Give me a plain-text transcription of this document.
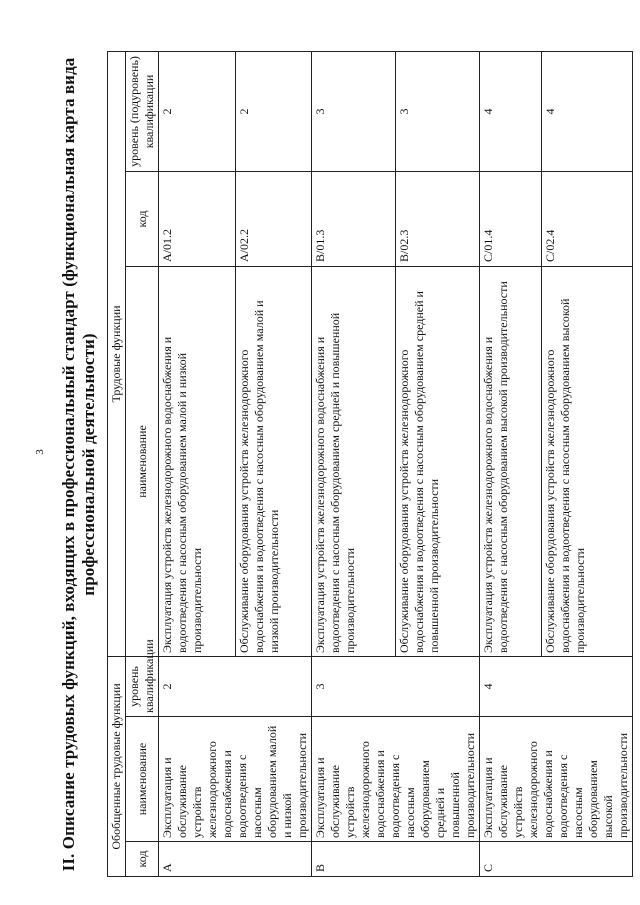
3 II. Описание трудовых функций, входящих в профессиональный стандарт (функциональная карта вида профессиональной деятельности)
Обобщенные трудовые функции			Трудовые функции		
код	наименование	уровень квалификации	наименование	код	уровень (подуровень) квалификации
А	Эксплуатация и обслуживание устройств железнодорожного водоснабжения и водоотведения с насосным оборудованием малой и низкой производительности	2	Эксплуатация устройств железнодорожного водоснабжения и водоотведения с насосным оборудованием малой и низкой производительности	A/01.2	2
			Обслуживание оборудования устройств железнодорожного водоснабжения и водоотведения с насосным оборудованием малой и низкой производительности	A/02.2	2
В	Эксплуатация и обслуживание устройств железнодорожного водоснабжения и водоотведения с насосным оборудованием средней и повышенной производительности	3	Эксплуатация устройств железнодорожного водоснабжения и водоотведения с насосным оборудованием средней и повышенной производительности	B/01.3	3
			Обслуживание оборудования устройств железнодорожного водоснабжения и водоотведения с насосным оборудованием средней и повышенной производительности	B/02.3	3
С	Эксплуатация и обслуживание устройств железнодорожного водоснабжения и водоотведения с насосным оборудованием высокой производительности	4	Эксплуатация устройств железнодорожного водоснабжения и водоотведения с насосным оборудованием высокой производительности	C/01.4	4
			Обслуживание оборудования устройств железнодорожного водоснабжения и водоотведения с насосным оборудованием высокой производительности	C/02.4	4
